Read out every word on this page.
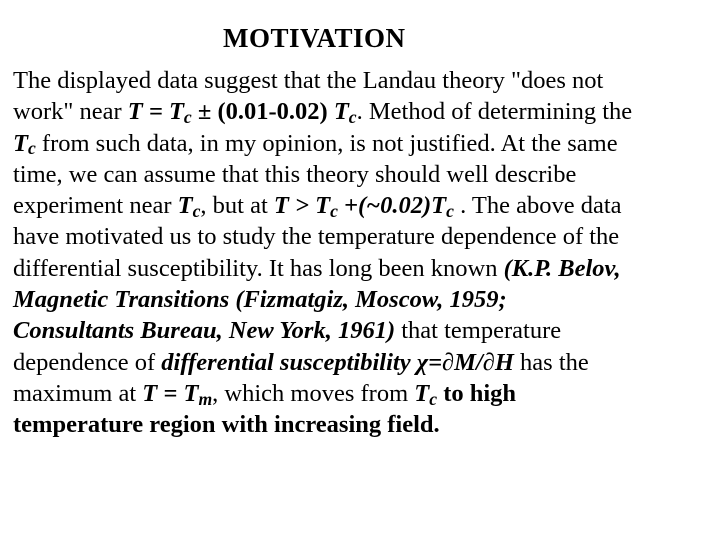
MOTIVATION
The displayed data suggest that the Landau theory "does not
work" near T = Tc ± (0.01-0.02) Tc. Method of determining the
Tc from such data, in my opinion, is not justified. At the same
time, we can assume that this theory should well describe
experiment near Tc, but at T > Tc +(~0.02)Tc . The above data
have motivated us to study the temperature dependence of the
differential susceptibility. It has long been known (K.P. Belov,
Magnetic Transitions (Fizmatgiz, Moscow, 1959;
Consultants Bureau, New York, 1961) that temperature
dependence of differential susceptibility χ=∂M/∂H has the
maximum at T = Tm, which moves from Tc to high
temperature region with increasing field.
